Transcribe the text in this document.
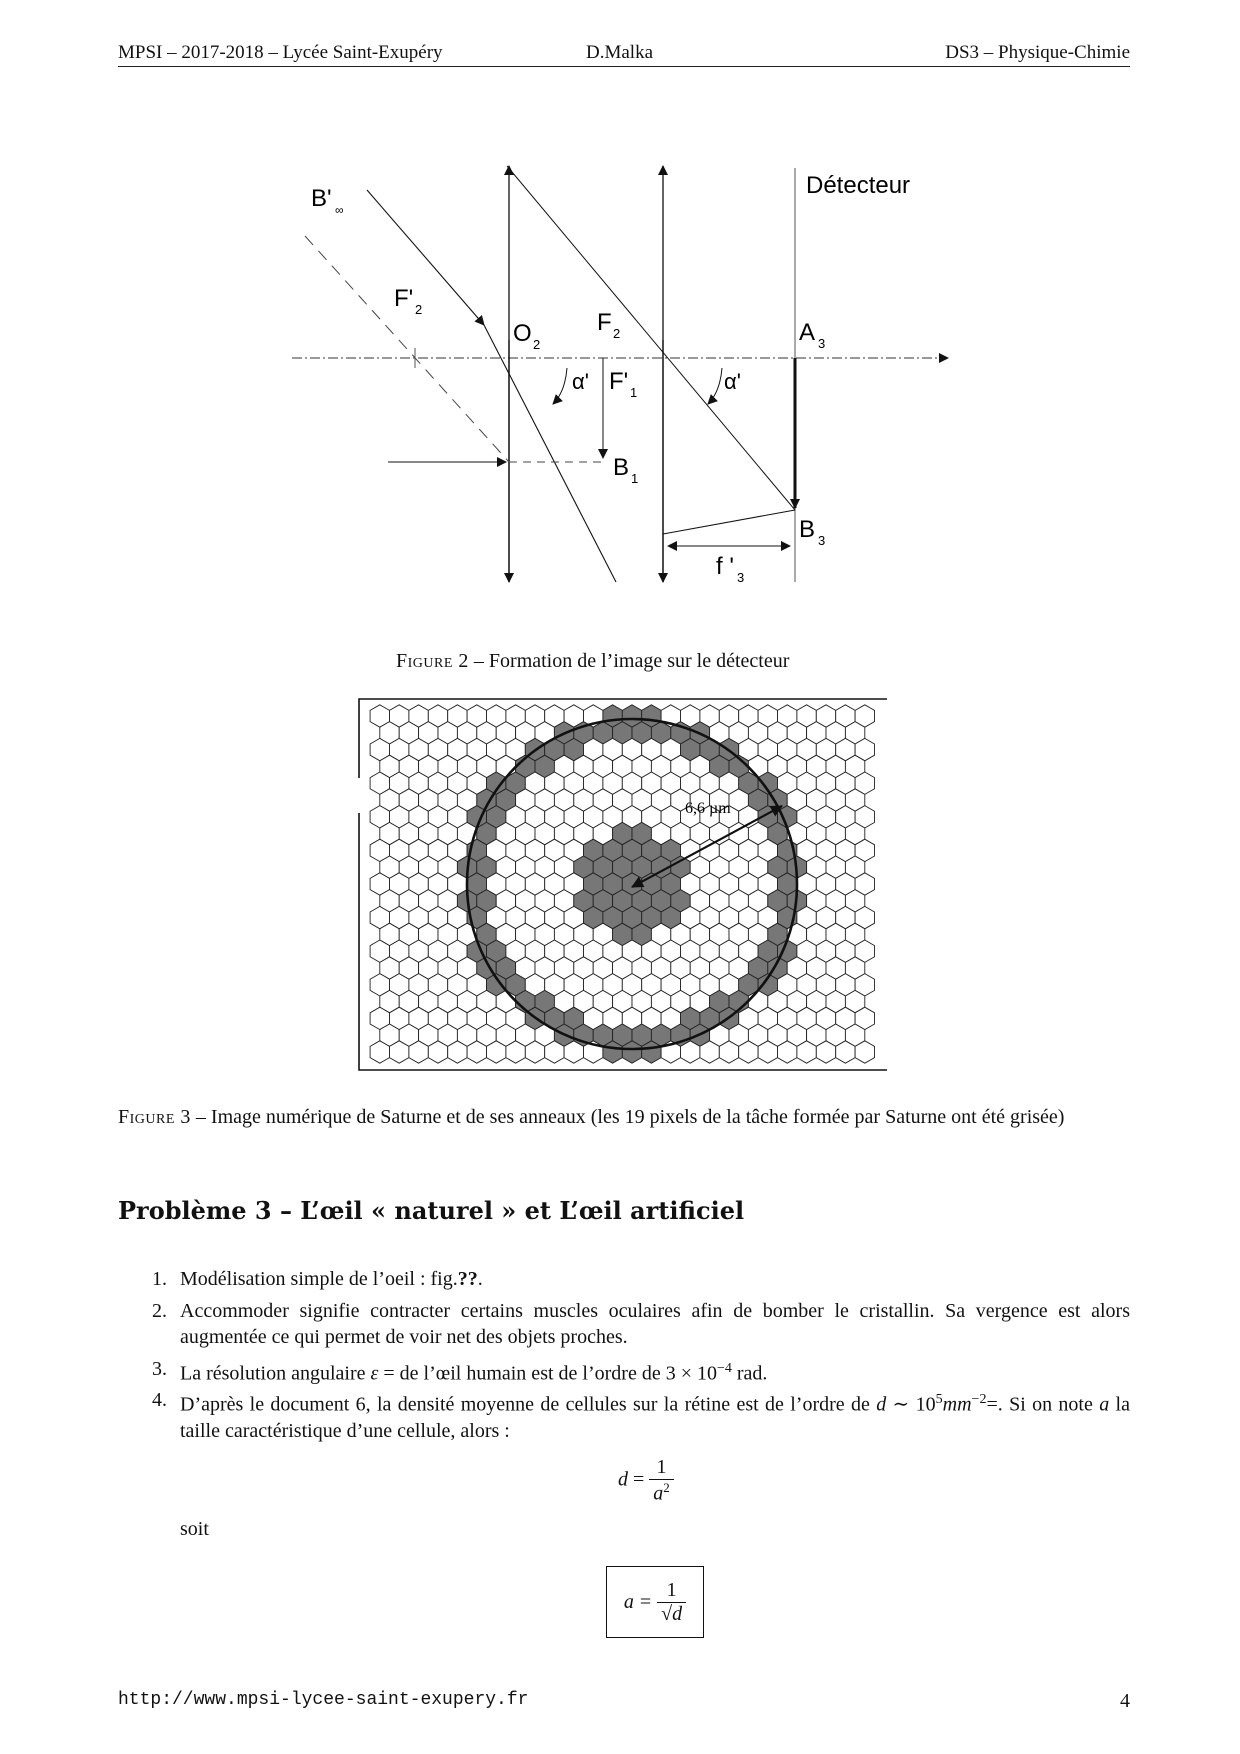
MPSI – 2017-2018 – Lycée Saint-Exupéry	D.Malka	DS3 – Physique-Chimie
Détecteur
B' ∞
F' 2
O 2
F 2	A 3
α'	α'
F' 1
B 1
B 3
f ' 3
Figure 2 – Formation de l’image sur le détecteur
6,6 µm
Figure 3 – Image numérique de Saturne et de ses anneaux (les 19 pixels de la tâche formée par Saturne ont été grisée)
Problème 3 – L’œil « naturel » et L’œil artificiel
1. Modélisation simple de l’oeil : fig.??.
2. Accommoder signifie contracter certains muscles oculaires afin de bomber le cristallin. Sa vergence est alors augmentée ce qui permet de voir net des objets proches.
3. La résolution angulaire ε = de l’œil humain est de l’ordre de $3 \times 10^{-4}$ rad.
4. D’après le document 6, la densité moyenne de cellules sur la rétine est de l’ordre de d ∼ $10^5mm^{-2}=$. Si on note a la taille caractéristique d’une cellule, alors :
$d = \frac{1}{a^2}$
soit
$a = \frac{1}{√d}$
http://www.mpsi-lycee-saint-exupery.fr	4
